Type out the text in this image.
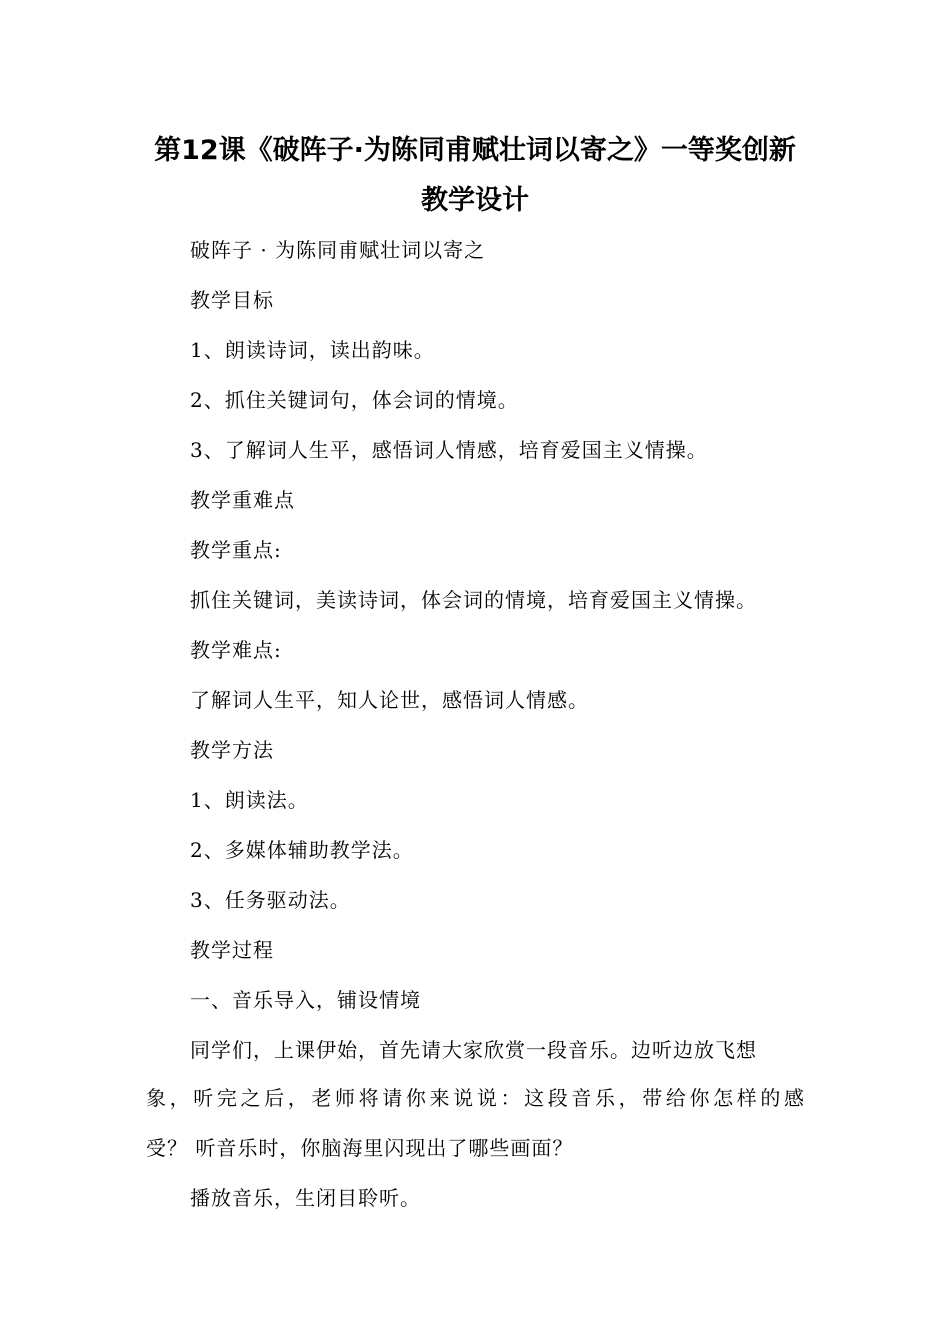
第12课《破阵子·为陈同甫赋壮词以寄之》一等奖创新
教学设计
破阵子 · 为陈同甫赋壮词以寄之
教学目标
1、朗读诗词，读出韵味。
2、抓住关键词句，体会词的情境。
3、了解词人生平，感悟词人情感，培育爱国主义情操。
教学重难点
教学重点:
抓住关键词，美读诗词，体会词的情境，培育爱国主义情操。
教学难点:
了解词人生平，知人论世，感悟词人情感。
教学方法
1、朗读法。
2、多媒体辅助教学法。
3、任务驱动法。
教学过程
一、音乐导入，铺设情境
同学们，上课伊始，首先请大家欣赏一段音乐。边听边放飞想
象，听完之后，老师将请你来说说：这段音乐，带给你怎样的感
受？ 听音乐时，你脑海里闪现出了哪些画面？
播放音乐，生闭目聆听。
